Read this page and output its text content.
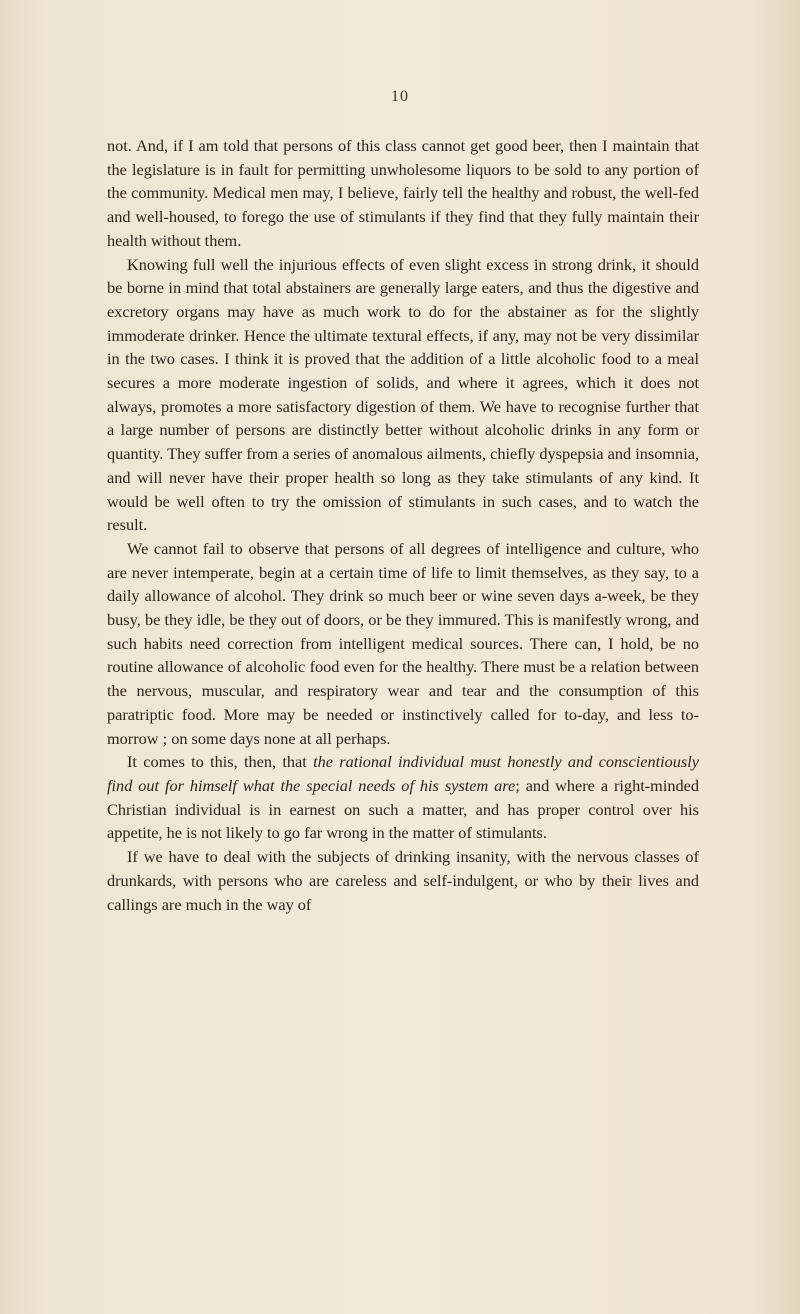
10

not. And, if I am told that persons of this class cannot get good beer, then I maintain that the legislature is in fault for permitting unwholesome liquors to be sold to any portion of the community. Medical men may, I believe, fairly tell the healthy and robust, the well-fed and well-housed, to forego the use of stimulants if they find that they fully maintain their health without them.

Knowing full well the injurious effects of even slight excess in strong drink, it should be borne in mind that total abstainers are generally large eaters, and thus the digestive and excretory organs may have as much work to do for the abstainer as for the slightly immoderate drinker. Hence the ultimate textural effects, if any, may not be very dissimilar in the two cases. I think it is proved that the addition of a little alcoholic food to a meal secures a more moderate ingestion of solids, and where it agrees, which it does not always, promotes a more satisfactory digestion of them. We have to recognise further that a large number of persons are distinctly better without alcoholic drinks in any form or quantity. They suffer from a series of anomalous ailments, chiefly dyspepsia and insomnia, and will never have their proper health so long as they take stimulants of any kind. It would be well often to try the omission of stimulants in such cases, and to watch the result.

We cannot fail to observe that persons of all degrees of intelligence and culture, who are never intemperate, begin at a certain time of life to limit themselves, as they say, to a daily allowance of alcohol. They drink so much beer or wine seven days a-week, be they busy, be they idle, be they out of doors, or be they immured. This is manifestly wrong, and such habits need correction from intelligent medical sources. There can, I hold, be no routine allowance of alcoholic food even for the healthy. There must be a relation between the nervous, muscular, and respiratory wear and tear and the consumption of this paratriptic food. More may be needed or instinctively called for to-day, and less to-morrow ; on some days none at all perhaps.

It comes to this, then, that the rational individual must honestly and conscientiously find out for himself what the special needs of his system are; and where a right-minded Christian individual is in earnest on such a matter, and has proper control over his appetite, he is not likely to go far wrong in the matter of stimulants.

If we have to deal with the subjects of drinking insanity, with the nervous classes of drunkards, with persons who are careless and self-indulgent, or who by their lives and callings are much in the way of
